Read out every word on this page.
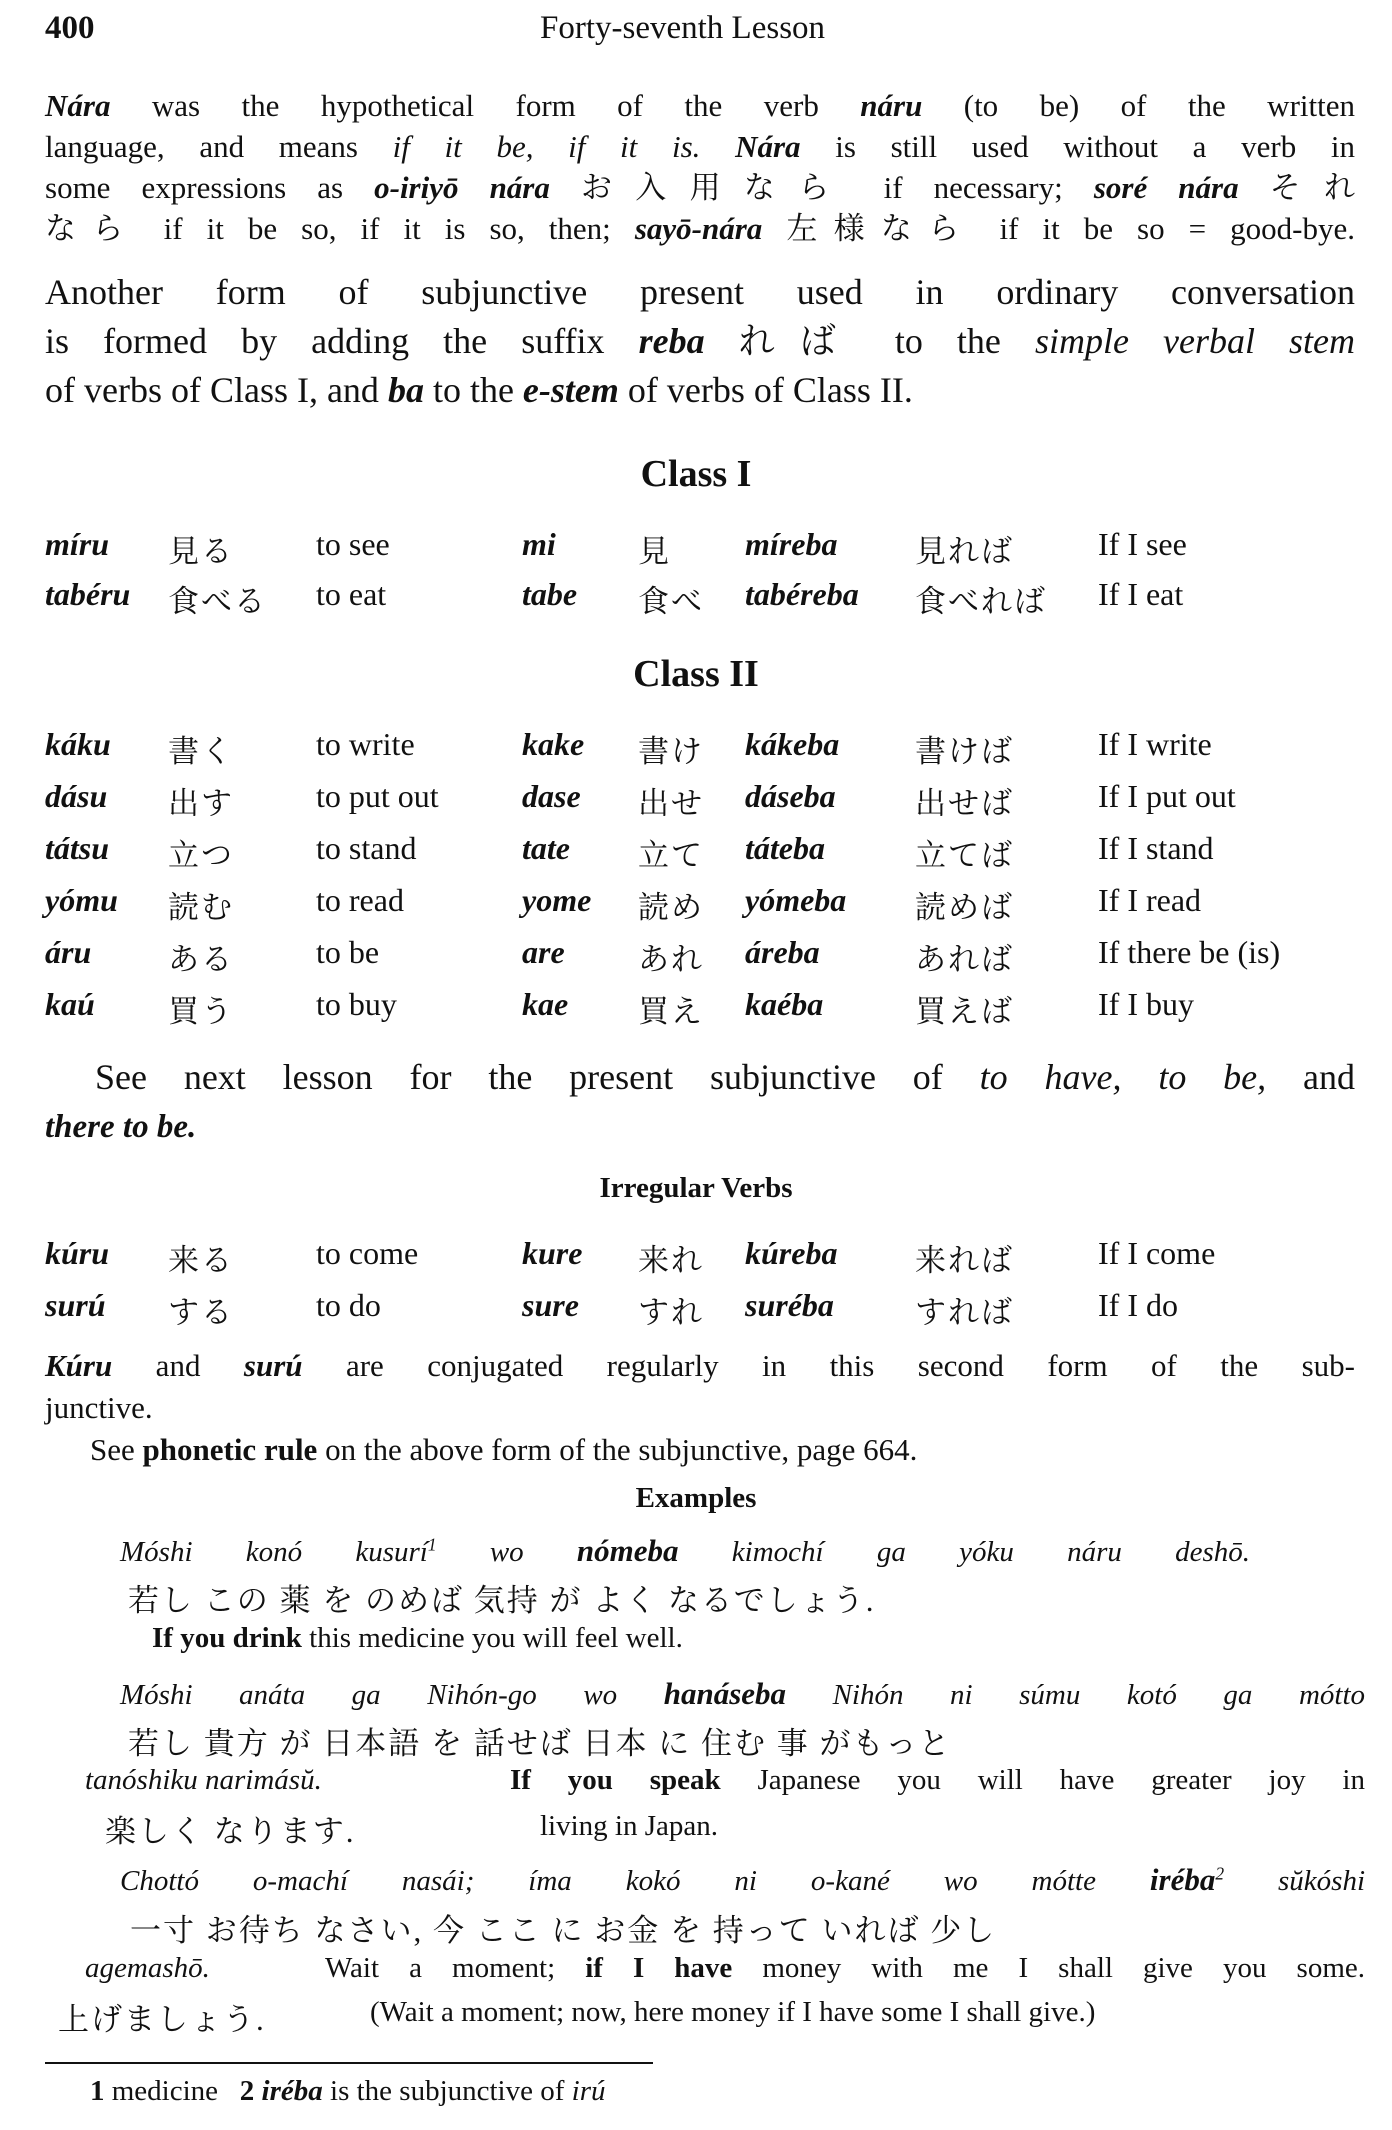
400	Forty-seventh Lesson
Nára was the hypothetical form of the verb náru (to be) of the written
language, and means if it be, if it is. Nára is still used without a verb in
some expressions as o-iriyō nára お入用なら if necessary; soré nára それ
なら if it be so, if it is so, then; sayō-nára 左様なら if it be so = good-bye.
Another form of subjunctive present used in ordinary conversation
is formed by adding the suffix reba れば to the simple verbal stem
of verbs of Class I, and ba to the e-stem of verbs of Class II.
Class I
míru 見る	to see	mi	見 míreba	見れば	If I see
tabéru 食べる to eat	tabe 食べ tabéreba 食べれば If I eat
Class II
káku 書く	to write	kake 書け kákeba 書けば	If I write
dásu 出す	to put out	dase 出せ dáseba	出せば	If I put out
tátsu 立つ	to stand	tate 立て táteba	立てば	If I stand
yómu 読む	to read	yome 読め yómeba 読めば	If I read
áru ある	to be	are あれ áreba	あれば	If there be (is)
kaú 買う	to buy	kae 買え kaéba	買えば	If I buy
See next lesson for the present subjunctive of to have, to be, and
there to be.
Irregular Verbs
kúru 来る	to come	kure 来れ kúreba	来れば	If I come
surú する	to do	sure すれ suréba	すれば	If I do
Kúru and surú are conjugated regularly in this second form of the sub-
junctive.
See phonetic rule on the above form of the subjunctive, page 664.
Examples
Móshi konó kusurí$^1$ wo nómeba kimochí ga yóku náru deshō.
若し この 薬 を のめば 気持 が よく なるでしょう.
If you drink this medicine you will feel well.
Móshi anáta ga Nihón-go wo hanáseba Nihón ni súmu kotó ga mótto
若し 貴方 が 日本語 を 話せば 日本 に 住む 事 がもっと
tanóshiku narimásŭ.	If you speak Japanese you will have greater joy in
楽しく なります.	living in Japan.
Chottó o-machí nasái; íma kokó ni o-kané wo mótte iréba$^2$ sŭkóshi
一寸 お待ち なさい, 今 ここ に お金 を 持って いれば 少し
agemashō.	Wait a moment; if I have money with me I shall give you some.
上げましょう.	(Wait a moment; now, here money if I have some I shall give.)
1 medicine 2 iréba is the subjunctive of irú
